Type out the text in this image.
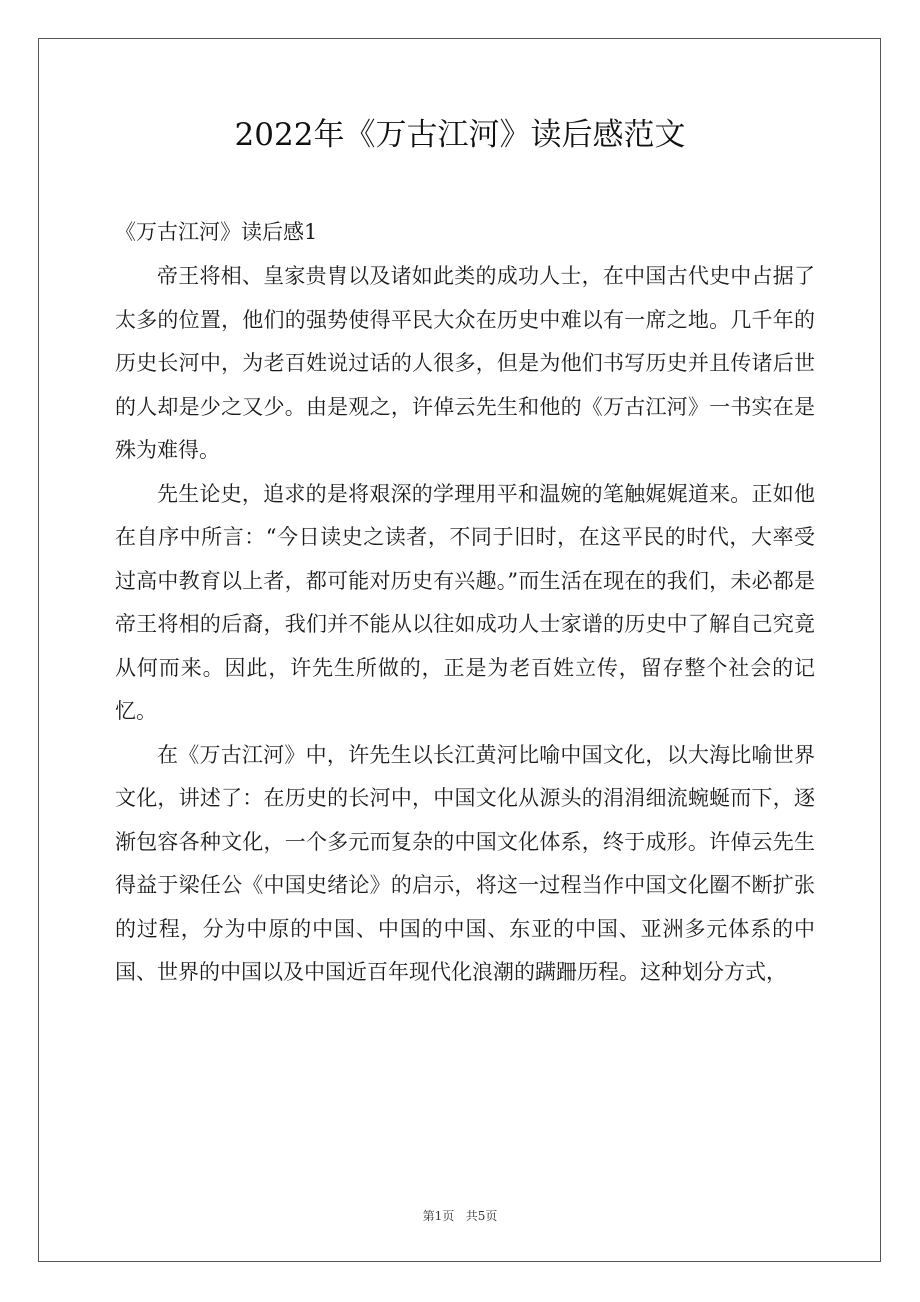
2022年《万古江河》读后感范文
《万古江河》读后感1

帝王将相、皇家贵胄以及诸如此类的成功人士，在中国古代史中占据了太多的位置，他们的强势使得平民大众在历史中难以有一席之地。几千年的历史长河中，为老百姓说过话的人很多，但是为他们书写历史并且传诸后世的人却是少之又少。由是观之，许倬云先生和他的《万古江河》一书实在是殊为难得。

先生论史，追求的是将艰深的学理用平和温婉的笔触娓娓道来。正如他在自序中所言：“今日读史之读者，不同于旧时，在这平民的时代，大率受过高中教育以上者，都可能对历史有兴趣。”而生活在现在的我们，未必都是帝王将相的后裔，我们并不能从以往如成功人士家谱的历史中了解自己究竟从何而来。因此，许先生所做的，正是为老百姓立传，留存整个社会的记忆。

在《万古江河》中，许先生以长江黄河比喻中国文化，以大海比喻世界文化，讲述了：在历史的长河中，中国文化从源头的涓涓细流蜿蜒而下，逐渐包容各种文化，一个多元而复杂的中国文化体系，终于成形。许倬云先生得益于梁任公《中国史绪论》的启示，将这一过程当作中国文化圈不断扩张的过程，分为中原的中国、中国的中国、东亚的中国、亚洲多元体系的中国、世界的中国以及中国近百年现代化浪潮的蹒跚历程。这种划分方式，

第1页 共5页
